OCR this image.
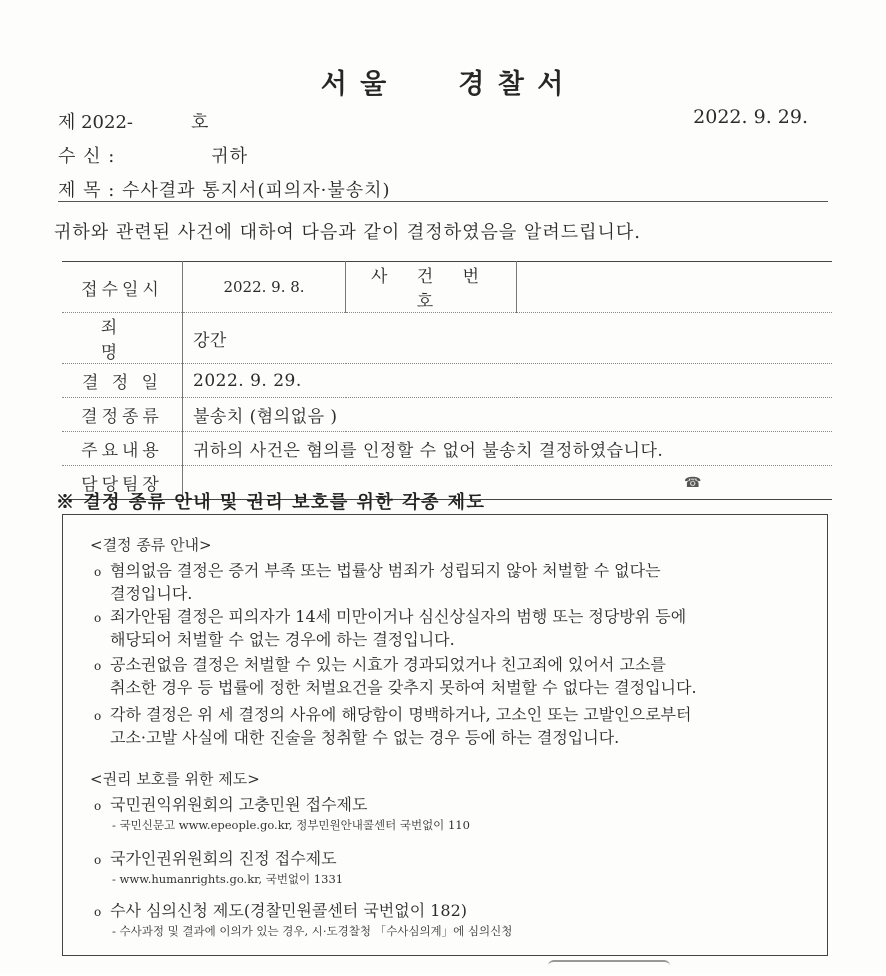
서 울	경 찰 서
제 2022-	호	2022. 9. 29.
수 신 :	귀하
제 목 : 수사결과 통지서(피의자·불송치)
귀하와 관련된 사건에 대하여 다음과 같이 결정하였음을 알려드립니다.
접수일시	2022. 9. 8.	사 건 번 호	
죄 명	강간		
결 정 일	2022. 9. 29.		
결정종류	불송치 (혐의없음 )		
주요내용	귀하의 사건은 혐의를 인정할 수 없어 불송치 결정하였습니다.		
담당팀장	☎		
※ 결정 종류 안내 및 권리 보호를 위한 각종 제도
<결정 종류 안내>
o 혐의없음 결정은 증거 부족 또는 법률상 범죄가 성립되지 않아 처벌할 수 없다는
결정입니다.
o 죄가안됨 결정은 피의자가 14세 미만이거나 심신상실자의 범행 또는 정당방위 등에
해당되어 처벌할 수 없는 경우에 하는 결정입니다.
o 공소권없음 결정은 처벌할 수 있는 시효가 경과되었거나 친고죄에 있어서 고소를
취소한 경우 등 법률에 정한 처벌요건을 갖추지 못하여 처벌할 수 없다는 결정입니다.
o 각하 결정은 위 세 결정의 사유에 해당함이 명백하거나, 고소인 또는 고발인으로부터
고소·고발 사실에 대한 진술을 청취할 수 없는 경우 등에 하는 결정입니다.
<권리 보호를 위한 제도>
o 국민권익위원회의 고충민원 접수제도
- 국민신문고 www.epeople.go.kr, 정부민원안내콜센터 국번없이 110
o 국가인권위원회의 진정 접수제도
- www.humanrights.go.kr, 국번없이 1331
o 수사 심의신청 제도(경찰민원콜센터 국번없이 182)
- 수사과정 및 결과에 이의가 있는 경우, 시·도경찰청 「수사심의계」에 심의신청
